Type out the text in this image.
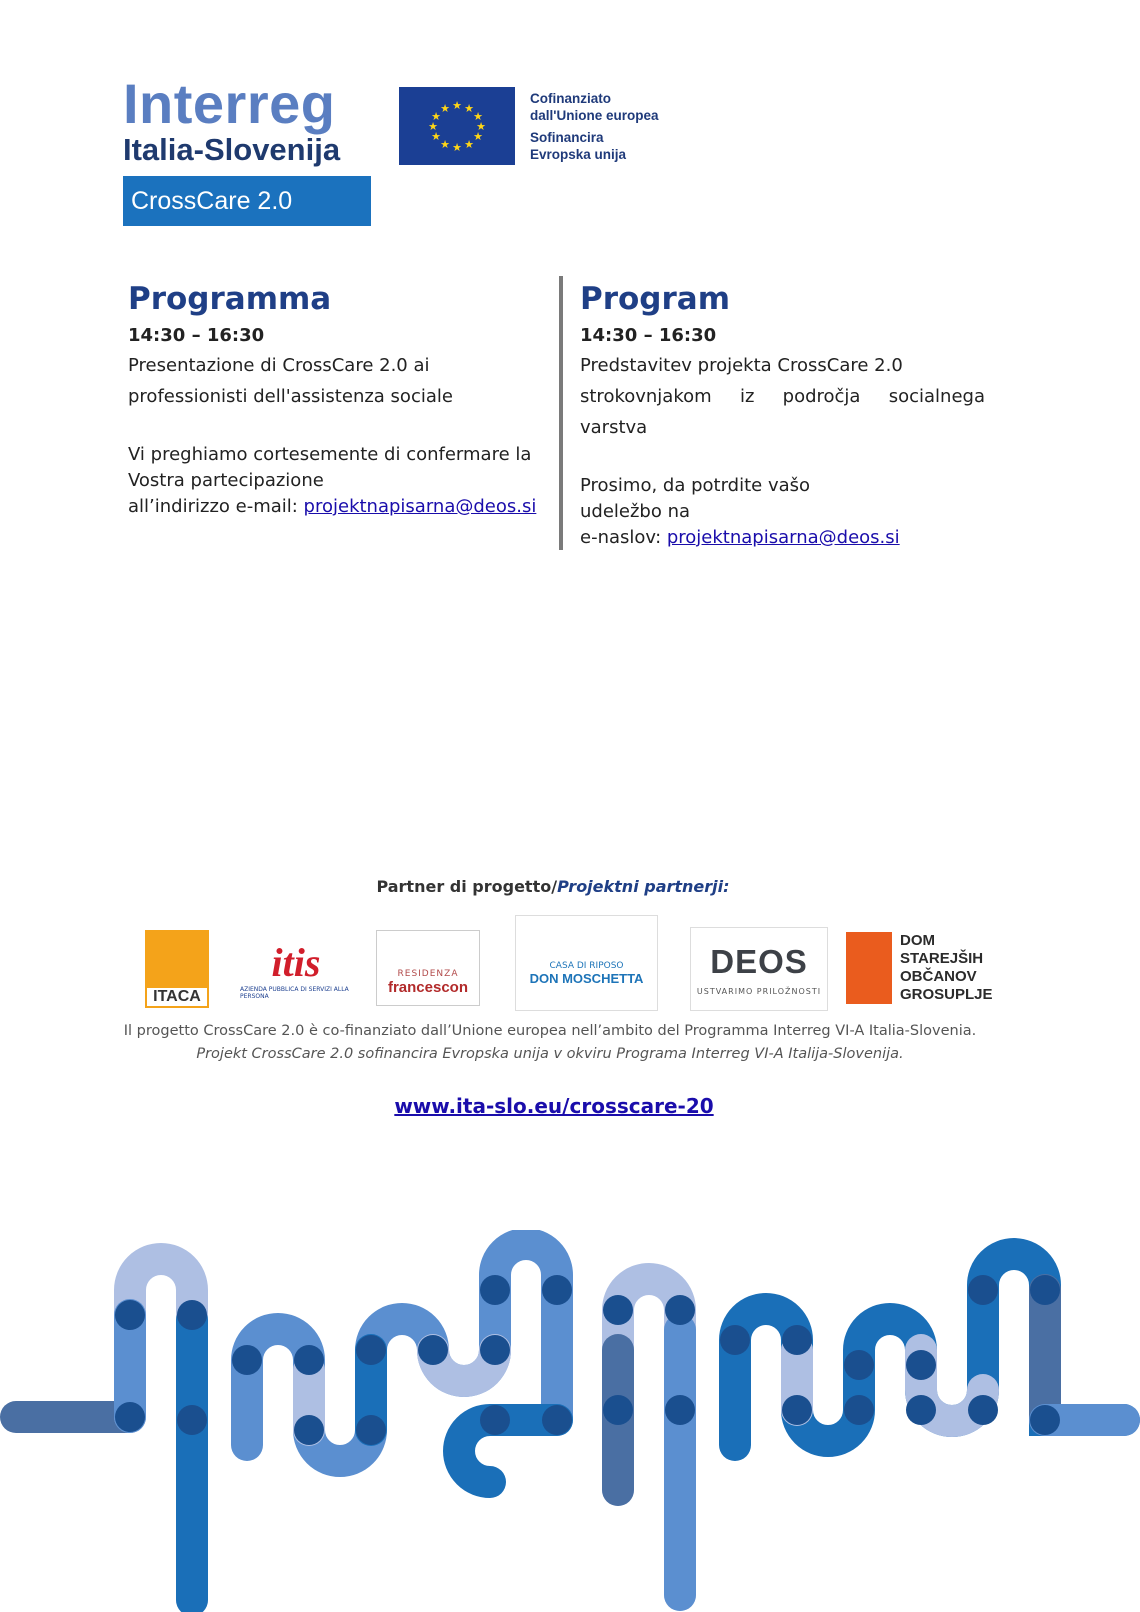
Interreg
Italia-Slovenija
CrossCare 2.0
★ ★
★
★
★
★
★
★
★
★
★
★
Cofinanziato
dall'Unione europea
Sofinancira
Evropska unija
Programma
14:30 – 16:30
Presentazione di CrossCare 2.0 ai
professionisti dell'assistenza sociale
Vi preghiamo cortesemente di confermare la
Vostra partecipazione
all’indirizzo e-mail: projektnapisarna@deos.si
Program
14:30 – 16:30
Predstavitev projekta CrossCare 2.0
strokovnjakom iz področja socialnega varstva
Prosimo, da potrdite vašo
udeležbo na
e-naslov: projektnapisarna@deos.si
Partner di progetto/Projektni partnerji:
ITACA
itis
AZIENDA PUBBLICA DI SERVIZI ALLA PERSONA
RESIDENZA
francescon
CASA DI RIPOSO
DON MOSCHETTA DEOS
USTVARIMO PRILOŽNOSTI
DOM
STAREJŠIH
OBČANOV
GROSUPLJE
Il progetto CrossCare 2.0 è co-finanziato dall’Unione europea nell’ambito del Programma Interreg VI-A Italia-Slovenia.
Projekt CrossCare 2.0 sofinancira Evropska unija v okviru Programa Interreg VI-A Italija-Slovenija.
www.ita-slo.eu/crosscare-20
